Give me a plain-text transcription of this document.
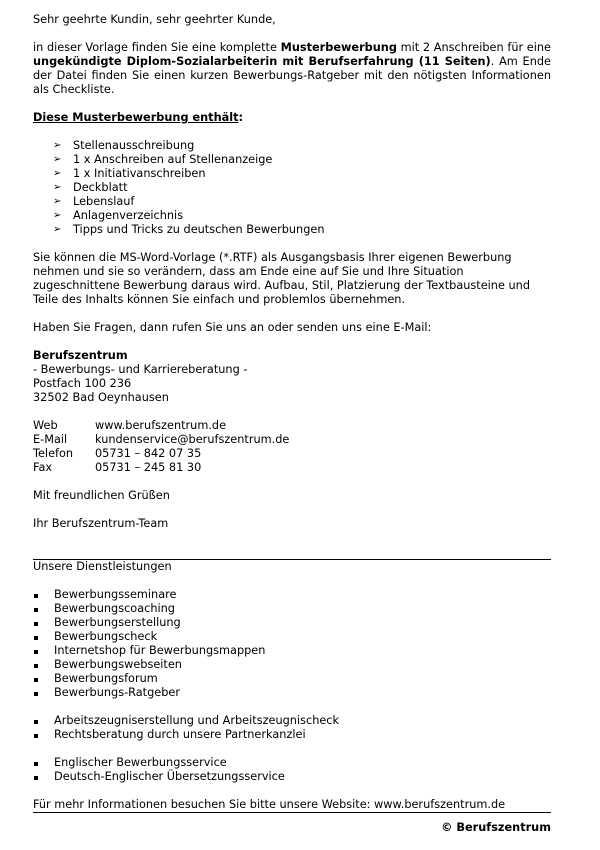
Sehr geehrte Kundin, sehr geehrter Kunde,

in dieser Vorlage finden Sie eine komplette Musterbewerbung mit 2 Anschreiben für eine ungekündigte Diplom-Sozialarbeiterin mit Berufserfahrung (11 Seiten). Am Ende der Datei finden Sie einen kurzen Bewerbungs-Ratgeber mit den nötigsten Informationen als Checkliste.

Diese Musterbewerbung enthält:

➢ Stellenausschreibung
➢ 1 x Anschreiben auf Stellenanzeige
➢ 1 x Initiativanschreiben
➢ Deckblatt
➢ Lebenslauf
➢ Anlagenverzeichnis
➢ Tipps und Tricks zu deutschen Bewerbungen

Sie können die MS-Word-Vorlage (*.RTF) als Ausgangsbasis Ihrer eigenen Bewerbung nehmen und sie so verändern, dass am Ende eine auf Sie und Ihre Situation zugeschnittene Bewerbung daraus wird. Aufbau, Stil, Platzierung der Textbausteine und Teile des Inhalts können Sie einfach und problemlos übernehmen.

Haben Sie Fragen, dann rufen Sie uns an oder senden uns eine E-Mail:

Berufszentrum

- Bewerbungs- und Karriereberatung -

Postfach 100 236

32502 Bad Oeynhausen

Web	www.berufszentrum.de
E-Mail	kundenservice@berufszentrum.de
Telefon	05731 – 842 07 35
Fax	05731 – 245 81 30

Mit freundlichen Grüßen

Ihr Berufszentrum-Team

Unsere Dienstleistungen

Bewerbungsseminare
Bewerbungscoaching
Bewerbungserstellung
Bewerbungscheck
Internetshop für Bewerbungsmappen
Bewerbungswebseiten
Bewerbungsforum
Bewerbungs-Ratgeber
Arbeitszeugniserstellung und Arbeitszeugnischeck
Rechtsberatung durch unsere Partnerkanzlei
Englischer Bewerbungsservice
Deutsch-Englischer Übersetzungsservice

Für mehr Informationen besuchen Sie bitte unsere Website: www.berufszentrum.de

© Berufszentrum
